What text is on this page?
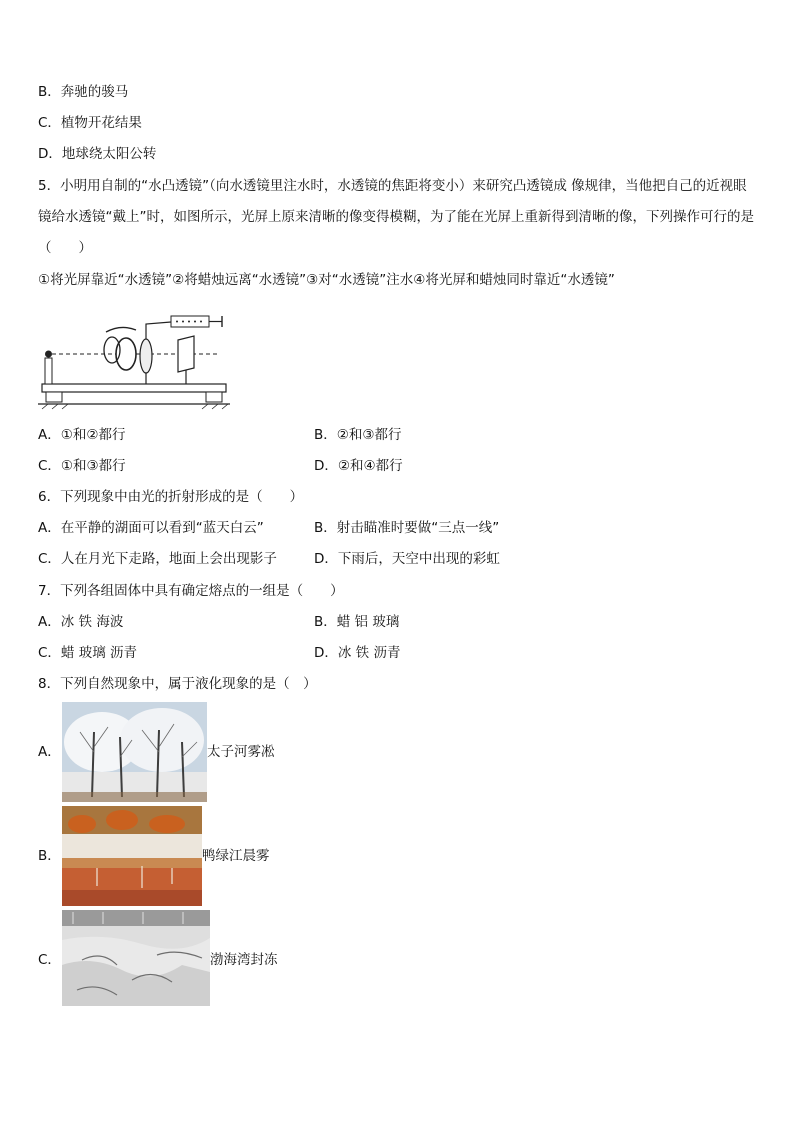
B．奔驰的骏马
C．植物开花结果
D．地球绕太阳公转
5．小明用自制的“水凸透镜”（向水透镜里注水时，水透镜的焦距将变小）来研究凸透镜成 像规律，当他把自己的近视眼镜给水透镜“戴上”时，如图所示，光屏上原来清晰的像变得模糊，为了能在光屏上重新得到清晰的像，下列操作可行的是（　　）
①将光屏靠近“水透镜”②将蜡烛远离“水透镜”③对“水透镜”注水④将光屏和蜡烛同时靠近“水透镜”
A．①和②都行	B．②和③都行
C．①和③都行	D．②和④都行
6．下列现象中由光的折射形成的是（　　）
A．在平静的湖面可以看到“蓝天白云”	B．射击瞄准时要做“三点一线”
C．人在月光下走路，地面上会出现影子	D．下雨后，天空中出现的彩虹
7．下列各组固体中具有确定熔点的一组是（　　）
A．冰 铁 海波	B．蜡 铝 玻璃
C．蜡 玻璃 沥青	D．冰 铁 沥青
8．下列自然现象中，属于液化现象的是（　）
A．	太子河雾凇
B．	鸭绿江晨雾
C．	渤海湾封冻
